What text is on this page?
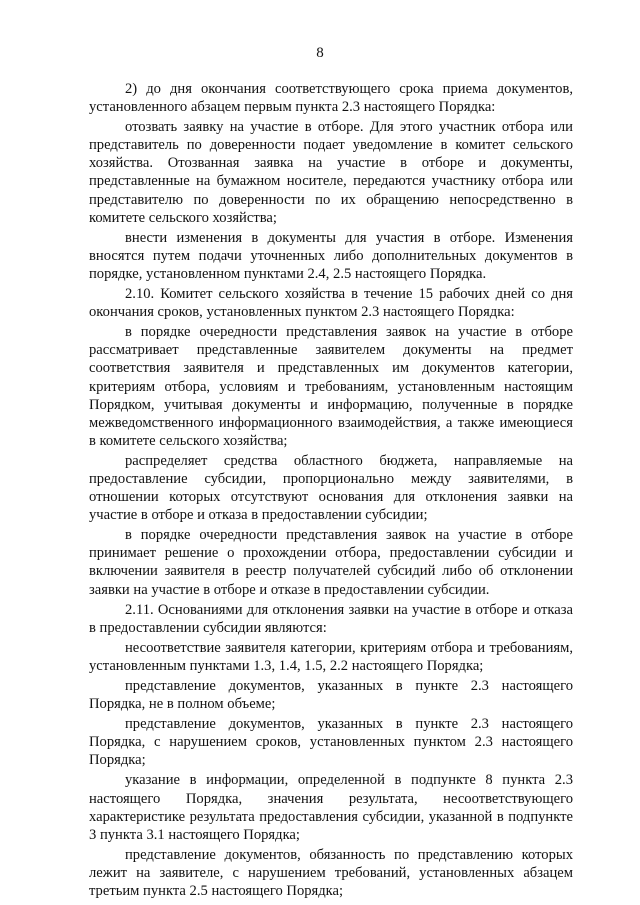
8

2) до дня окончания соответствующего срока приема документов, установленного абзацем первым пункта 2.3 настоящего Порядка:

отозвать заявку на участие в отборе. Для этого участник отбора или представитель по доверенности подает уведомление в комитет сельского хозяйства. Отозванная заявка на участие в отборе и документы, представленные на бумажном носителе, передаются участнику отбора или представителю по доверенности по их обращению непосредственно в комитете сельского хозяйства;

внести изменения в документы для участия в отборе. Изменения вносятся путем подачи уточненных либо дополнительных документов в порядке, установленном пунктами 2.4, 2.5 настоящего Порядка.

2.10. Комитет сельского хозяйства в течение 15 рабочих дней со дня окончания сроков, установленных пунктом 2.3 настоящего Порядка:

в порядке очередности представления заявок на участие в отборе рассматривает представленные заявителем документы на предмет соответствия заявителя и представленных им документов категории, критериям отбора, условиям и требованиям, установленным настоящим Порядком, учитывая документы и информацию, полученные в порядке межведомственного информационного взаимодействия, а также имеющиеся в комитете сельского хозяйства;

распределяет средства областного бюджета, направляемые на предоставление субсидии, пропорционально между заявителями, в отношении которых отсутствуют основания для отклонения заявки на участие в отборе и отказа в предоставлении субсидии;

в порядке очередности представления заявок на участие в отборе принимает решение о прохождении отбора, предоставлении субсидии и включении заявителя в реестр получателей субсидий либо об отклонении заявки на участие в отборе и отказе в предоставлении субсидии.

2.11. Основаниями для отклонения заявки на участие в отборе и отказа в предоставлении субсидии являются:

несоответствие заявителя категории, критериям отбора и требованиям, установленным пунктами 1.3, 1.4, 1.5, 2.2 настоящего Порядка;

представление документов, указанных в пункте 2.3 настоящего Порядка, не в полном объеме;

представление документов, указанных в пункте 2.3 настоящего Порядка, с нарушением сроков, установленных пунктом 2.3 настоящего Порядка;

указание в информации, определенной в подпункте 8 пункта 2.3 настоящего Порядка, значения результата, несоответствующего характеристике результата предоставления субсидии, указанной в подпункте 3 пункта 3.1 настоящего Порядка;

представление документов, обязанность по представлению которых лежит на заявителе, с нарушением требований, установленных абзацем третьим пункта 2.5 настоящего Порядка;
